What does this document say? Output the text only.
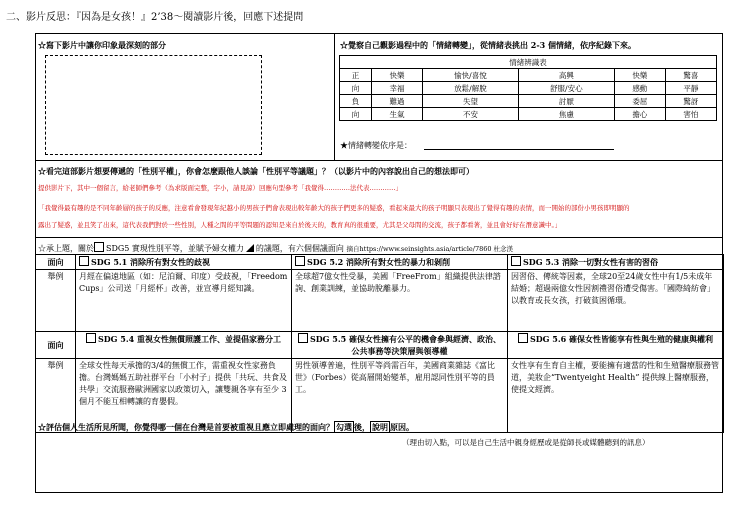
二、影片反思：『因為是女孩！』2’38～閱讀影片後，回應下述提問
☆寫下影片中讓你印象最深刻的部分	☆覺察自己觀影過程中的「情緒轉變」，從情緒表挑出 2-3 個情緒，依序紀錄下來。
情緒辨識表					
正	快樂	愉快/喜悅	高興	快樂	驚喜
向	幸福	放鬆/解脫	舒服/安心	感動	平靜
負	難過	失望	討厭	委屈	驚訝
向	生氣	不安	焦慮	擔心	害怕
★情緒轉變依序是：
☆看完這部影片想要傳遞的「性別平權」，你會怎麼跟他人談論「性別平等議題」？（以影片中的內容說出自己的想法即可）
提供影片下，其中一個留言，給老師們參考（為求版面完整，字小，請見諒）回應句型參考「我覺得…………法代表…………」
「我覺得最有趣的是不同年齡層的孩子的反應，注意看會發現年紀越小的男孩子們會表現出較年齡大的孩子們更多的疑惑，看起來最大的孩子明顯只表現出了覺得有趣的表情，而一開始的部份小男孩即明顯的
露出了疑惑，並且笑了出來，這代表我們對於一些性別，人種之間的平等問題的認知是來自於後天的，教育真的很重要，尤其是父母間的交流，孩子都看著，並且會好好在潛意識中。」
☆承上題，關於 SDG5 實現性別平等，並賦予婦女權力 的議題，有六個個議面向 摘自https://www.seinsights.asia/article/7860 杜念渼
面向	SDG 5.1 消除所有對女性的歧視	SDG 5.2 消除所有對女性的暴力和剝削	SDG 5.3 消除一切對女性有害的習俗
舉例	月經在偏遠地區（如：尼泊爾、印度）受歧視，「Freedom Cups」公司送「月經杯」改善，並宣導月經知識。	全球超7億女性受暴，美國「FreeFrom」組織提供法律諮詢、創業訓練，並協助脫離暴力。	因習俗、傳統等因素，全球20至24歲女性中有1/5未成年結婚；超過兩億女性因割禮習俗遭受傷害。「國際綺紡會」以教育或長女孩，打破貧困循環。
面向	SDG 5.4 重視女性無償照護工作、並提倡家務分工	SDG 5.5 確保女性擁有公平的機會參與經濟、政治、公共事務等決策層與領導權	SDG 5.6 確保女性皆能享有性與生殖的健康與權利
舉例	全球女性每天承擔的3/4的無償工作，需重視女性家務負擔。台灣媽媽五助社群平台「小村子」提供「共玩、共食及共學」交流服務歐洲國家以政策切入，讓雙親各享有至少 3 個月不能互相轉讓的育嬰假。	男性領導普遍，性別平等尚需百年，美國商業雜誌《富比世》（Forbes）從高層開始變革，雇用認同性別平等的員工。	女性享有生育自主權，要能擁有適當的性和生殖醫療服務管道，美妝企“Twentyeight Health” 提供線上醫療服務，使提文經濟。
☆評估個人生活所見所聞，你覺得哪一個在台灣是首要被重視且應立即處理的面向？ 勾選 後， 說明 原因。
（理由切入點，可以是自己生活中親身經歷或是從師長或媒體聽到的訊息）
